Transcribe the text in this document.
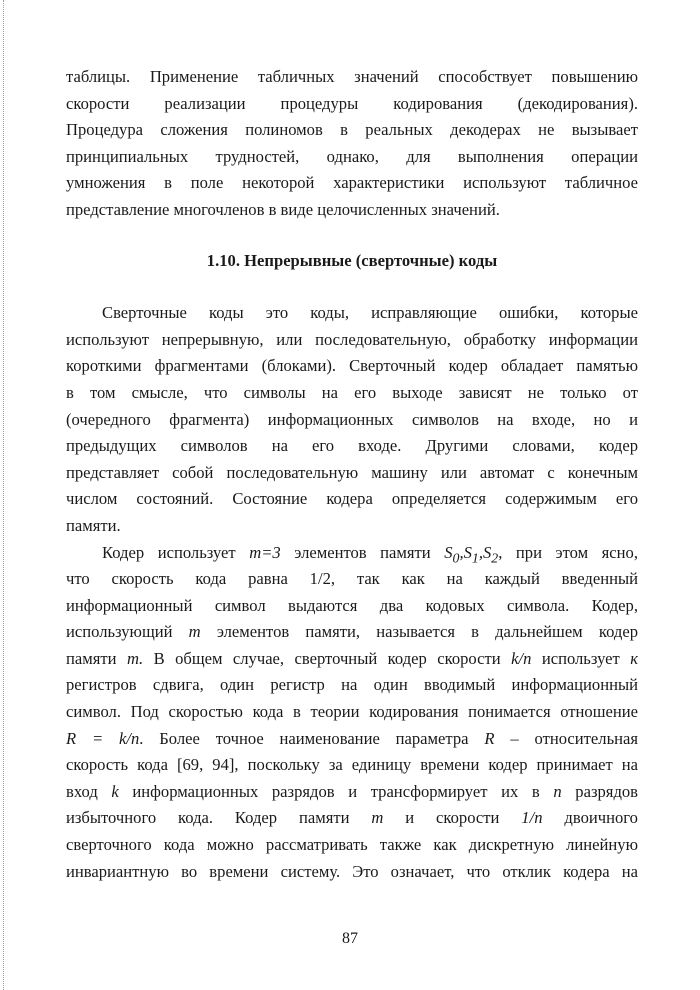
таблицы. Применение табличных значений способствует повышению
скорости реализации процедуры кодирования (декодирования).
Процедура сложения полиномов в реальных декодерах не вызывает
принципиальных трудностей, однако, для выполнения операции
умножения в поле некоторой характеристики используют табличное
представление многочленов в виде целочисленных значений.
1.10. Непрерывные (сверточные) коды
Сверточные коды это коды, исправляющие ошибки, которые
используют непрерывную, или последовательную, обработку информации
короткими фрагментами (блоками). Сверточный кодер обладает памятью
в том смысле, что символы на его выходе зависят не только от
(очередного фрагмента) информационных символов на входе, но и
предыдущих символов на его входе. Другими словами, кодер
представляет собой последовательную машину или автомат с конечным
числом состояний. Состояние кодера определяется содержимым его
памяти.
Кодер использует m=3 элементов памяти $S_0,S_1,S_2$, при этом ясно,
что скорость кода равна 1/2, так как на каждый введенный
информационный символ выдаются два кодовых символа. Кодер,
использующий m элементов памяти, называется в дальнейшем кодер
памяти m. В общем случае, сверточный кодер скорости k/n использует к
регистров сдвига, один регистр на один вводимый информационный
символ. Под скоростью кода в теории кодирования понимается отношение
R = k/n. Более точное наименование параметра R – относительная
скорость кода [69, 94], поскольку за единицу времени кодер принимает на
вход k информационных разрядов и трансформирует их в n разрядов
избыточного кода. Кодер памяти m и скорости 1/n двоичного
сверточного кода можно рассматривать также как дискретную линейную
инвариантную во времени систему. Это означает, что отклик кодера на
87
